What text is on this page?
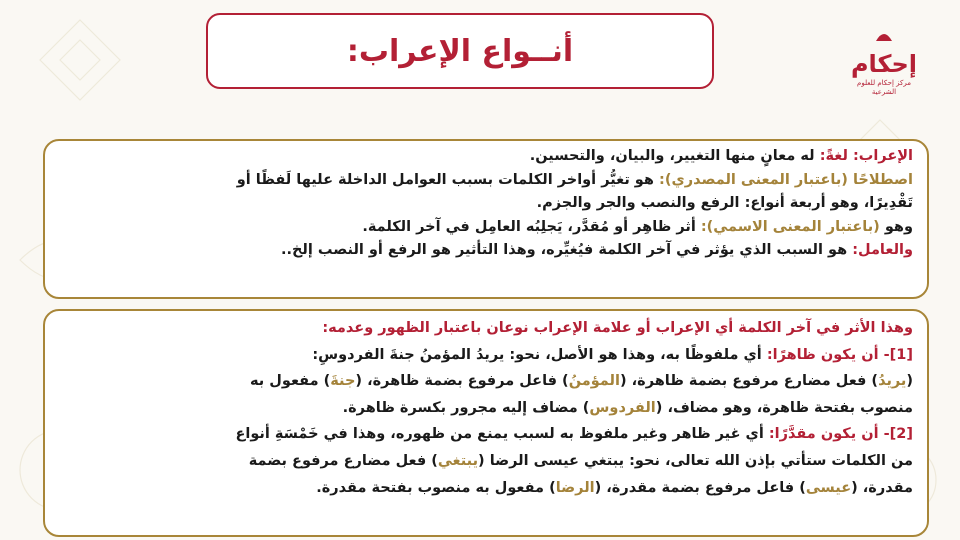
أنــواع الإعراب:	إحكام
مركز إحكام للعلوم الشرعية
الإعراب: لغةً: له معانٍ منها التغيير، والبيان، والتحسين.
اصطلاحًا (باعتبار المعنى المصدري): هو تغيُّر أواخر الكلمات بسبب العوامل الداخلة عليها لَفظًا أو
تَقْدِيرًا، وهو أربعة أنواع: الرفع والنصب والجر والجزم.
وهو (باعتبار المعنى الاسمي): أثر ظاهِر أو مُقدَّر، يَجلِبُه العامِل في آخر الكلمة.
والعامل: هو السبب الذي يؤثر في آخر الكلمة فيُغيِّره، وهذا التأثير هو الرفع أو النصب إلخ..
وهذا الأثر في آخر الكلمة أي الإعراب أو علامة الإعراب نوعان باعتبار الظهور وعدمه:
[1]- أن يكون ظاهرًا: أي ملفوظًا به، وهذا هو الأصل، نحو: يريدُ المؤمنُ جنةَ الفردوسِ:
(يريدُ) فعل مضارع مرفوع بضمة ظاهرة، (المؤمنُ) فاعل مرفوع بضمة ظاهرة، (جنةَ) مفعول به
منصوب بفتحة ظاهرة، وهو مضاف، (الفردوس) مضاف إليه مجرور بكسرة ظاهرة.
[2]- أن يكون مقدَّرًا: أي غير ظاهر وغير ملفوظ به لسبب يمنع من ظهوره، وهذا في خَمْسَةِ أنواع
من الكلمات ستأتي بإذن الله تعالى، نحو: يبتغي عيسى الرضا (يبتغي) فعل مضارع مرفوع بضمة
مقدرة، (عيسى) فاعل مرفوع بضمة مقدرة، (الرضا) مفعول به منصوب بفتحة مقدرة.
